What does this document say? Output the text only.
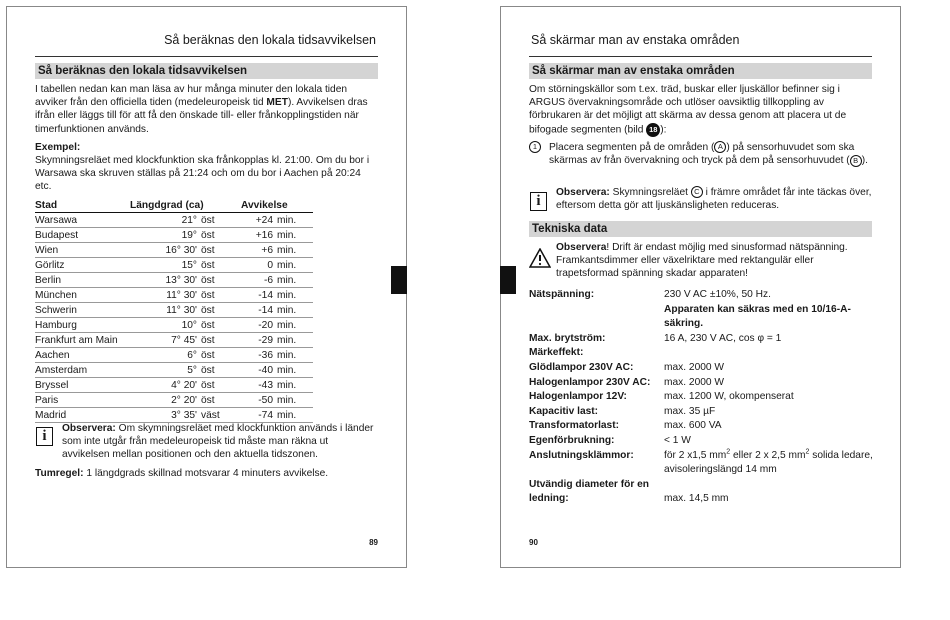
Så beräknas den lokala tidsavvikelsen
Så beräknas den lokala tidsavvikelsen
I tabellen nedan kan man läsa av hur många minuter den lokala tiden avviker från den officiella tiden (medeleuropeisk tid MET). Avvikelsen dras ifrån eller läggs till för att få den önskade till- eller frånkopplingstiden när timerfunktionen används.
Exempel:
Skymningsreläet med klockfunktion ska frånkopplas kl. 21:00. Om du bor i Warsawa ska skruven ställas på 21:24 och om du bor i Aachen på 20:24 etc.
Stad	Längdgrad (ca)		Avvikelse	
Warsawa	21°	öst	+24	min.
Budapest	19°	öst	+16	min.
Wien	16° 30'	öst	+6	min.
Görlitz	15°	öst	0	min.
Berlin	13° 30'	öst	-6	min.
München	11° 30'	öst	-14	min.
Schwerin	11° 30'	öst	-14	min.
Hamburg	10°	öst	-20	min.
Frankfurt am Main	7° 45'	öst	-29	min.
Aachen	6°	öst	-36	min.
Amsterdam	5°	öst	-40	min.
Bryssel	4° 20'	öst	-43	min.
Paris	2° 20'	öst	-50	min.
Madrid	3° 35'	väst	-74	min.
i	Observera: Om skymningsreläet med klockfunktion används i länder som inte utgår från medeleuropeisk tid måste man räkna ut avvikelsen mellan positionen och den aktuella tidszonen.
Tumregel: 1 längdgrads skillnad motsvarar 4 minuters avvikelse.
89
Så skärmar man av enstaka områden
Så skärmar man av enstaka områden
Om störningskällor som t.ex. träd, buskar eller ljuskällor befinner sig i ARGUS övervakningsområde och utlöser oavsiktlig tillkoppling av förbrukaren är det möjligt att skärma av dessa genom att placera ut de bifogade segmenten (bild 18 ):
1	Placera segmenten på de områden ( A ) på sensorhuvudet som ska skärmas av från övervakning och tryck på dem på sensorhuvudet ( B ).
i
Observera: Skymningsreläet C i främre området får inte täckas över, eftersom detta gör att ljuskänsligheten reduceras.
Tekniska data
Observera! Drift är endast möjlig med sinusformad nätspänning. Framkantsdimmer eller växelriktare med rektangulär eller trapetsformad spänning skadar apparaten!
Nätspänning:	230 V AC ±10%, 50 Hz.
Apparaten kan säkras med en 10/16-A-säkring.
Max. brytström:	16 A, 230 V AC, cos φ = 1
Märkeffekt:
Glödlampor 230V AC:	max. 2000 W
Halogenlampor 230V AC:	max. 2000 W
Halogenlampor 12V:	max. 1200 W, okompenserat
Kapacitiv last:	max. 35 µF
Transformatorlast:	max. 600 VA
Egenförbrukning:	< 1 W
Anslutningsklämmor:	för 2 x1,5 $mm^2$ eller 2 x 2,5 $mm^2$ solida ledare, avisoleringslängd 14 mm
Utvändig diameter för en
ledning:	max. 14,5 mm
90
